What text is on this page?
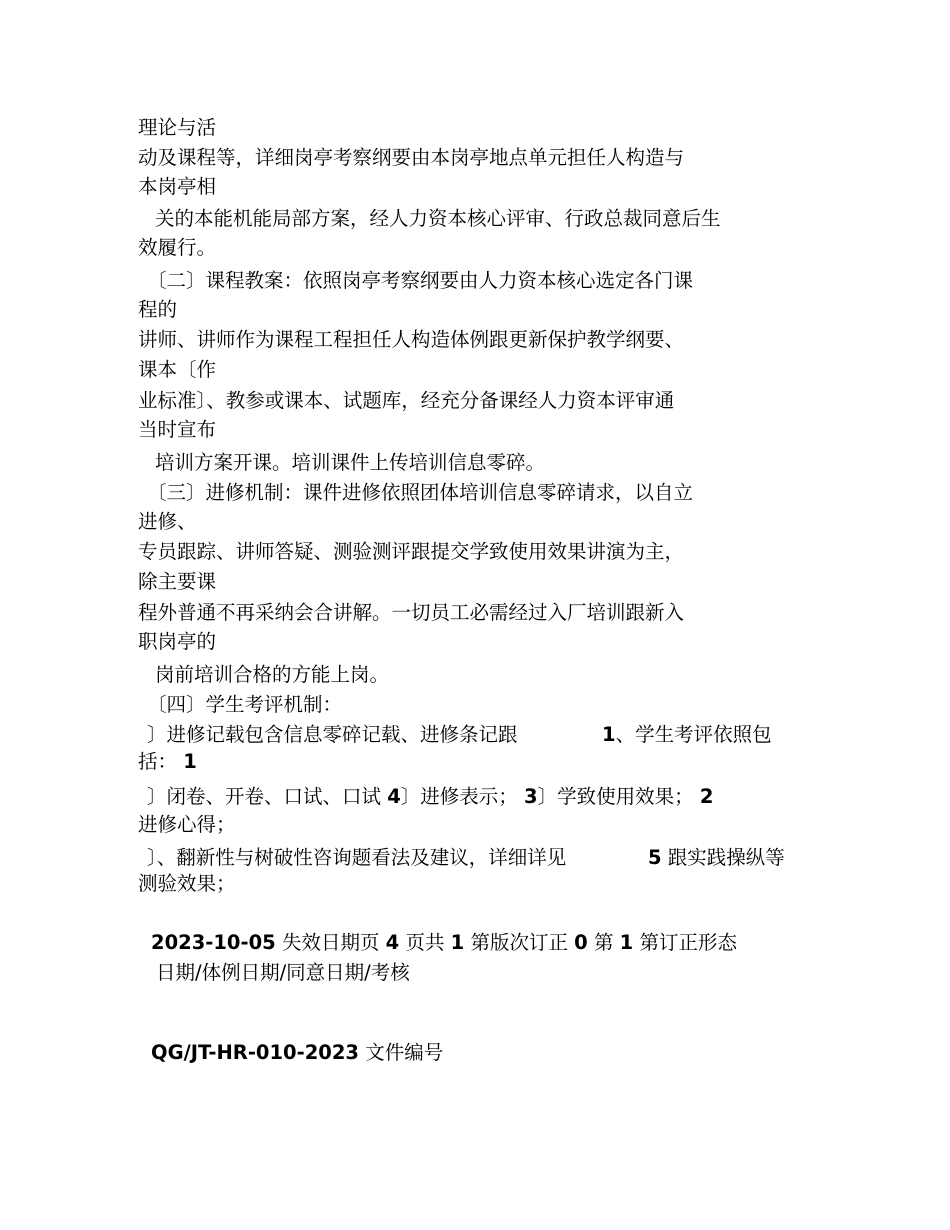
理论与活
动及课程等，详细岗亭考察纲要由本岗亭地点单元担任人构造与
本岗亭相
关的本能机能局部方案，经人力资本核心评审、行政总裁同意后生
效履行。
〔二〕课程教案：依照岗亭考察纲要由人力资本核心选定各门课
程的
讲师、讲师作为课程工程担任人构造体例跟更新保护教学纲要、
课本〔作
业标准〕、教参或课本、试题库，经充分备课经人力资本评审通
当时宣布
培训方案开课。培训课件上传培训信息零碎。
〔三〕进修机制：课件进修依照团体培训信息零碎请求，以自立
进修、
专员跟踪、讲师答疑、测验测评跟提交学致使用效果讲演为主，
除主要课
程外普通不再采纳会合讲解。一切员工必需经过入厂培训跟新入
职岗亭的
岗前培训合格的方能上岗。
〔四〕学生考评机制：
〕进修记载包含信息零碎记载、进修条记跟	1、学生考评依照包
括： 1
〕闭卷、开卷、口试、口试 4〕进修表示； 3〕学致使用效果； 2
进修心得；
〕、翻新性与树破性咨询题看法及建议，详细详见	5 跟实践操纵等
测验效果；
2023-10-05 失效日期页 4 页共 1 第版次订正 0 第 1 第订正形态
日期/体例日期/同意日期/考核
QG/JT-HR-010-2023 文件编号
